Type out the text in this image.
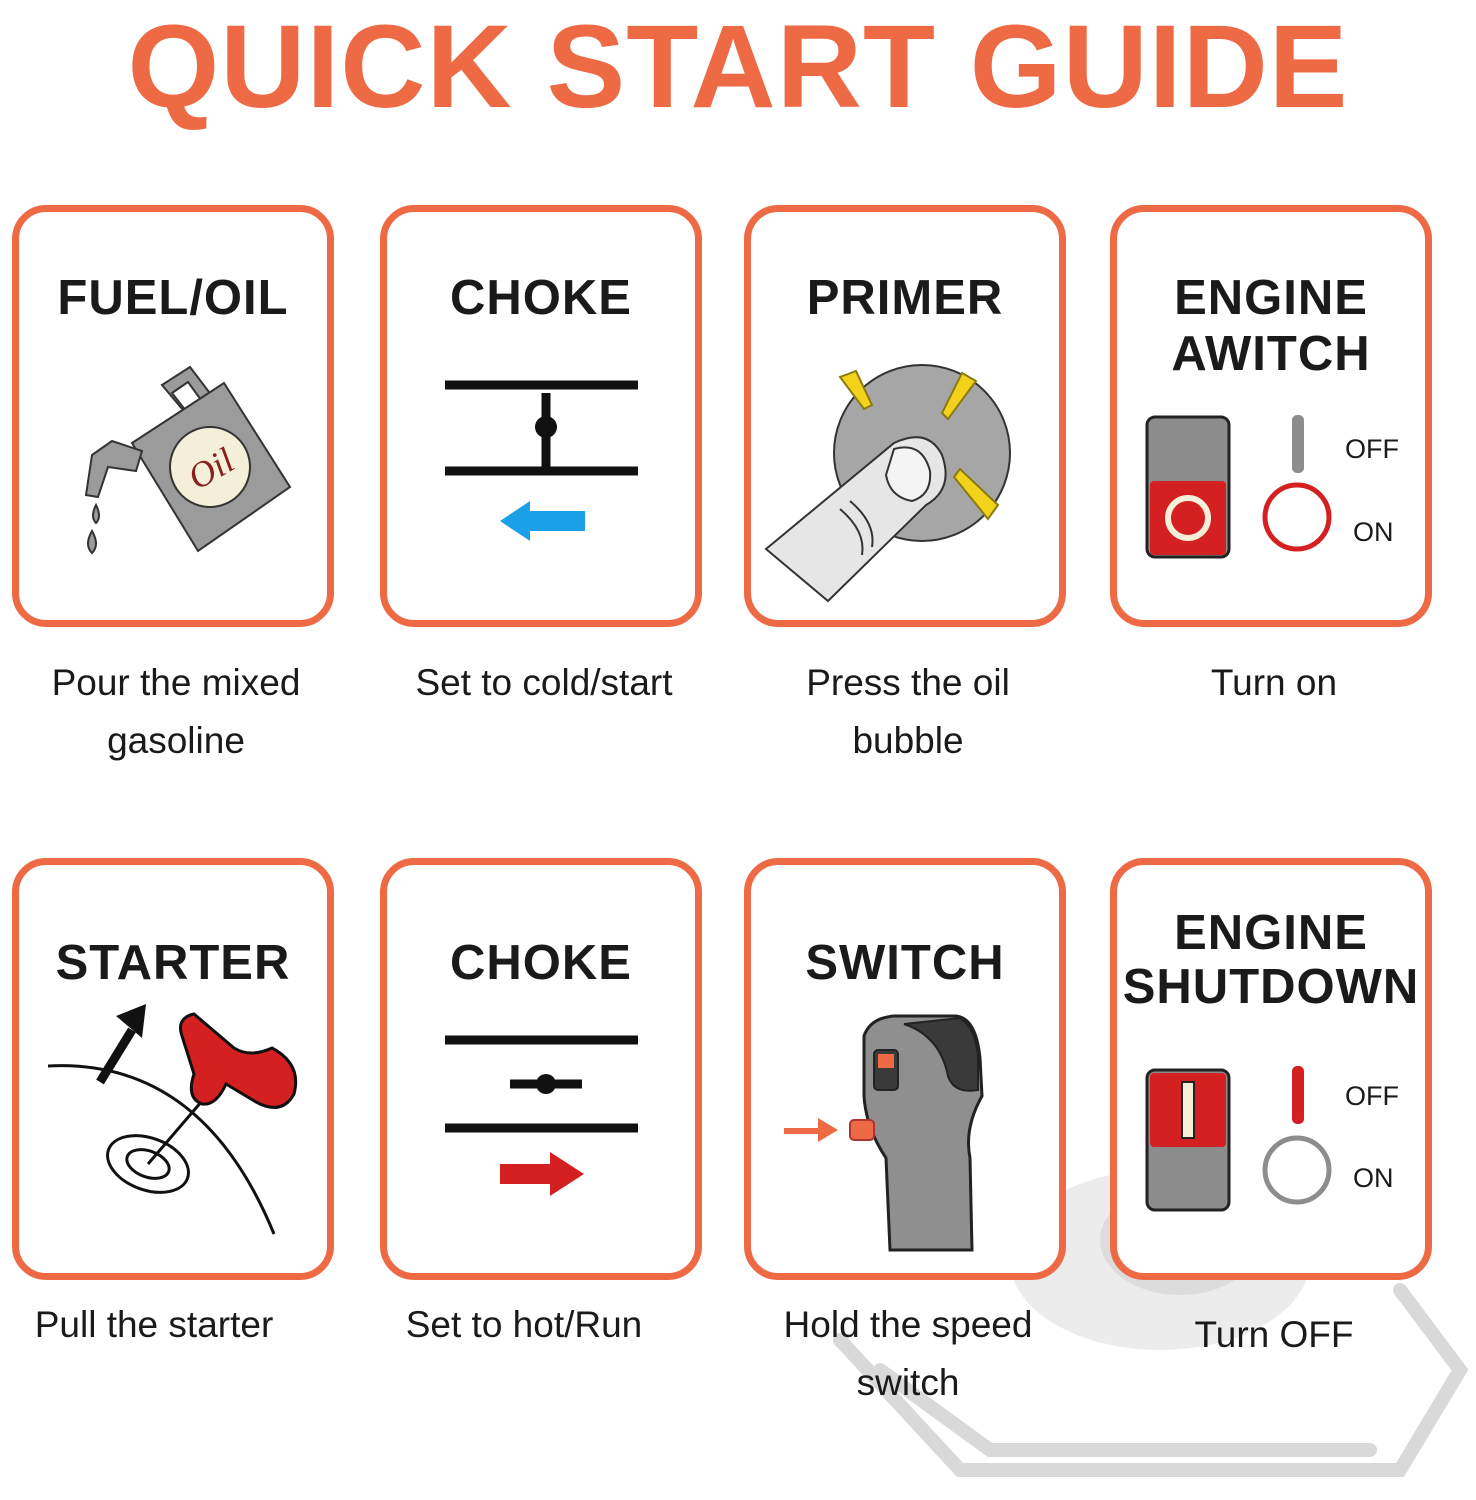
QUICK START GUIDE
FUEL/OIL
Oil
CHOKE	PRIMER	ENGINE
AWITCH
OFF
ON
Pour the mixed
gasoline
Set to cold/start	Press the oil
bubble
Turn on
STARTER	CHOKE	SWITCH
ENGINE
SHUTDOWN
OFF
ON
Pull the starter	Set to hot/Run	Hold the speed
switch
Turn OFF
